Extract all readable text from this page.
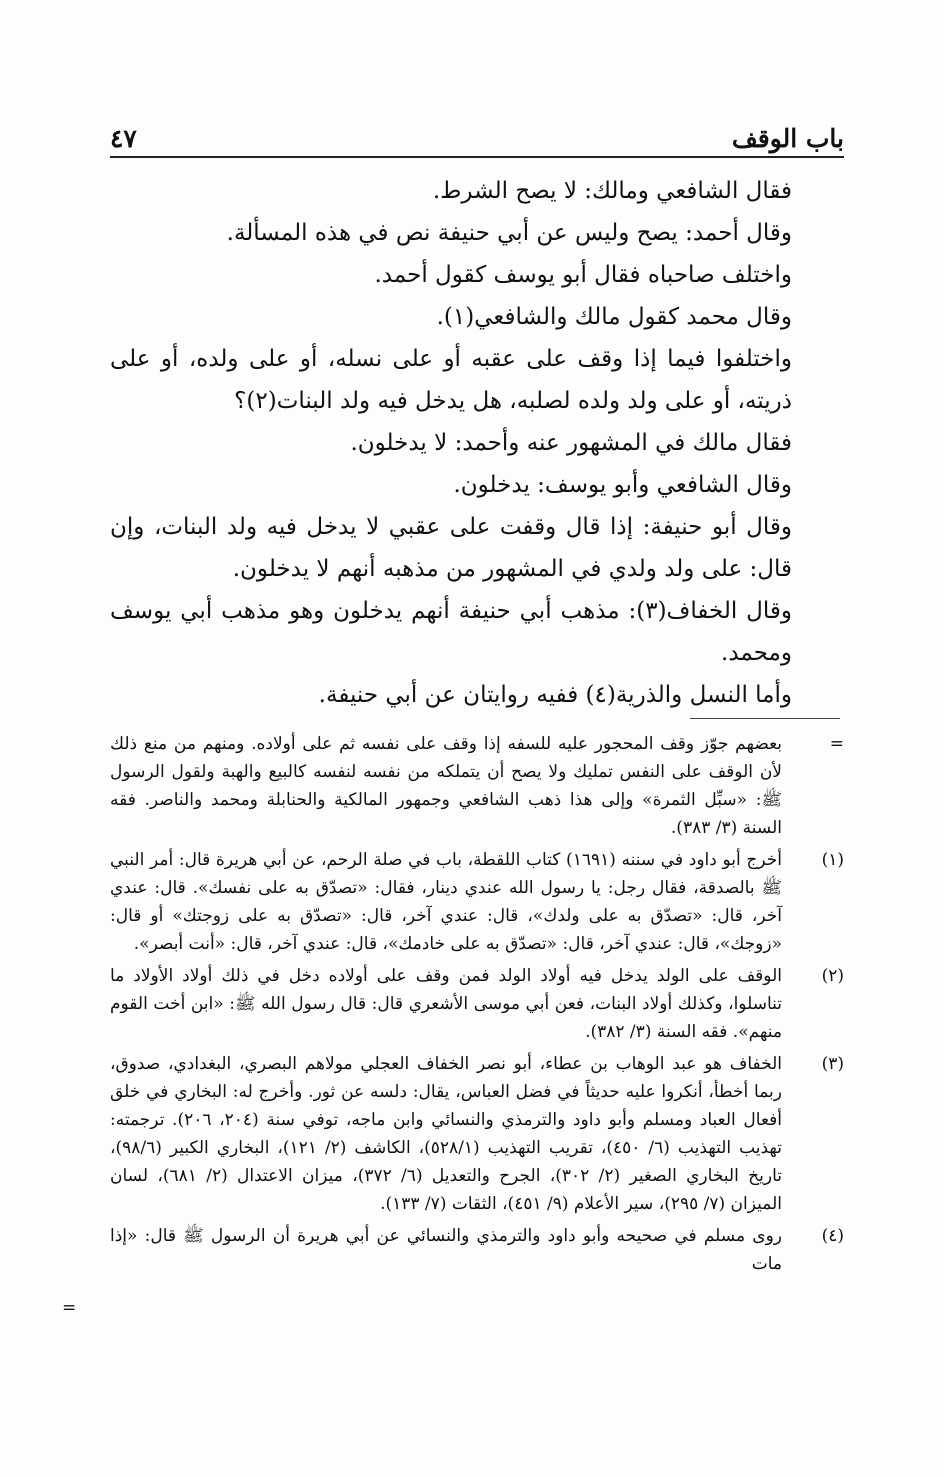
باب الوقف
٤٧

فقال الشافعي ومالك: لا يصح الشرط.

وقال أحمد: يصح وليس عن أبي حنيفة نص في هذه المسألة.

واختلف صاحباه فقال أبو يوسف كقول أحمد.

وقال محمد كقول مالك والشافعي(١).

واختلفوا فيما إذا وقف على عقبه أو على نسله، أو على ولده، أو على ذريته، أو على ولد ولده لصلبه، هل يدخل فيه ولد البنات(٢)؟

فقال مالك في المشهور عنه وأحمد: لا يدخلون.

وقال الشافعي وأبو يوسف: يدخلون.

وقال أبو حنيفة: إذا قال وقفت على عقبي لا يدخل فيه ولد البنات، وإن قال: على ولد ولدي في المشهور من مذهبه أنهم لا يدخلون.

وقال الخفاف(٣): مذهب أبي حنيفة أنهم يدخلون وهو مذهب أبي يوسف ومحمد.

وأما النسل والذرية(٤) ففيه روايتان عن أبي حنيفة.

=
بعضهم جوّز وقف المحجور عليه للسفه إذا وقف على نفسه ثم على أولاده. ومنهم من منع ذلك لأن الوقف على النفس تمليك ولا يصح أن يتملكه من نفسه لنفسه كالبيع والهبة ولقول الرسول ﷺ: «سبِّل الثمرة» وإلى هذا ذهب الشافعي وجمهور المالكية والحنابلة ومحمد والناصر. فقه السنة (٣/ ٣٨٣).
(١)
أخرج أبو داود في سننه (١٦٩١) كتاب اللقطة، باب في صلة الرحم، عن أبي هريرة قال: أمر النبي ﷺ بالصدقة، فقال رجل: يا رسول الله عندي دينار، فقال: «تصدّق به على نفسك». قال: عندي آخر، قال: «تصدّق به على ولدك»، قال: عندي آخر، قال: «تصدّق به على زوجتك» أو قال: «زوجك»، قال: عندي آخر، قال: «تصدّق به على خادمك»، قال: عندي آخر، قال: «أنت أبصر».
(٢)
الوقف على الولد يدخل فيه أولاد الولد فمن وقف على أولاده دخل في ذلك أولاد الأولاد ما تناسلوا، وكذلك أولاد البنات، فعن أبي موسى الأشعري قال: قال رسول الله ﷺ: «ابن أخت القوم منهم». فقه السنة (٣/ ٣٨٢).
(٣)
الخفاف هو عبد الوهاب بن عطاء، أبو نصر الخفاف العجلي مولاهم البصري، البغدادي، صدوق، ربما أخطأ، أنكروا عليه حديثاً في فضل العباس، يقال: دلسه عن ثور. وأخرج له: البخاري في خلق أفعال العباد ومسلم وأبو داود والترمذي والنسائي وابن ماجه، توفي سنة (٢٠٤، ٢٠٦). ترجمته: تهذيب التهذيب (٦/ ٤٥٠)، تقريب التهذيب (٥٢٨/١)، الكاشف (٢/ ١٢١)، البخاري الكبير (٩٨/٦)، تاريخ البخاري الصغير (٢/ ٣٠٢)، الجرح والتعديل (٦/ ٣٧٢)، ميزان الاعتدال (٢/ ٦٨١)، لسان الميزان (٧/ ٢٩٥)، سير الأعلام (٩/ ٤٥١)، الثقات (٧/ ١٣٣).
(٤)
روى مسلم في صحيحه وأبو داود والترمذي والنسائي عن أبي هريرة أن الرسول ﷺ قال: «إذا مات
=
